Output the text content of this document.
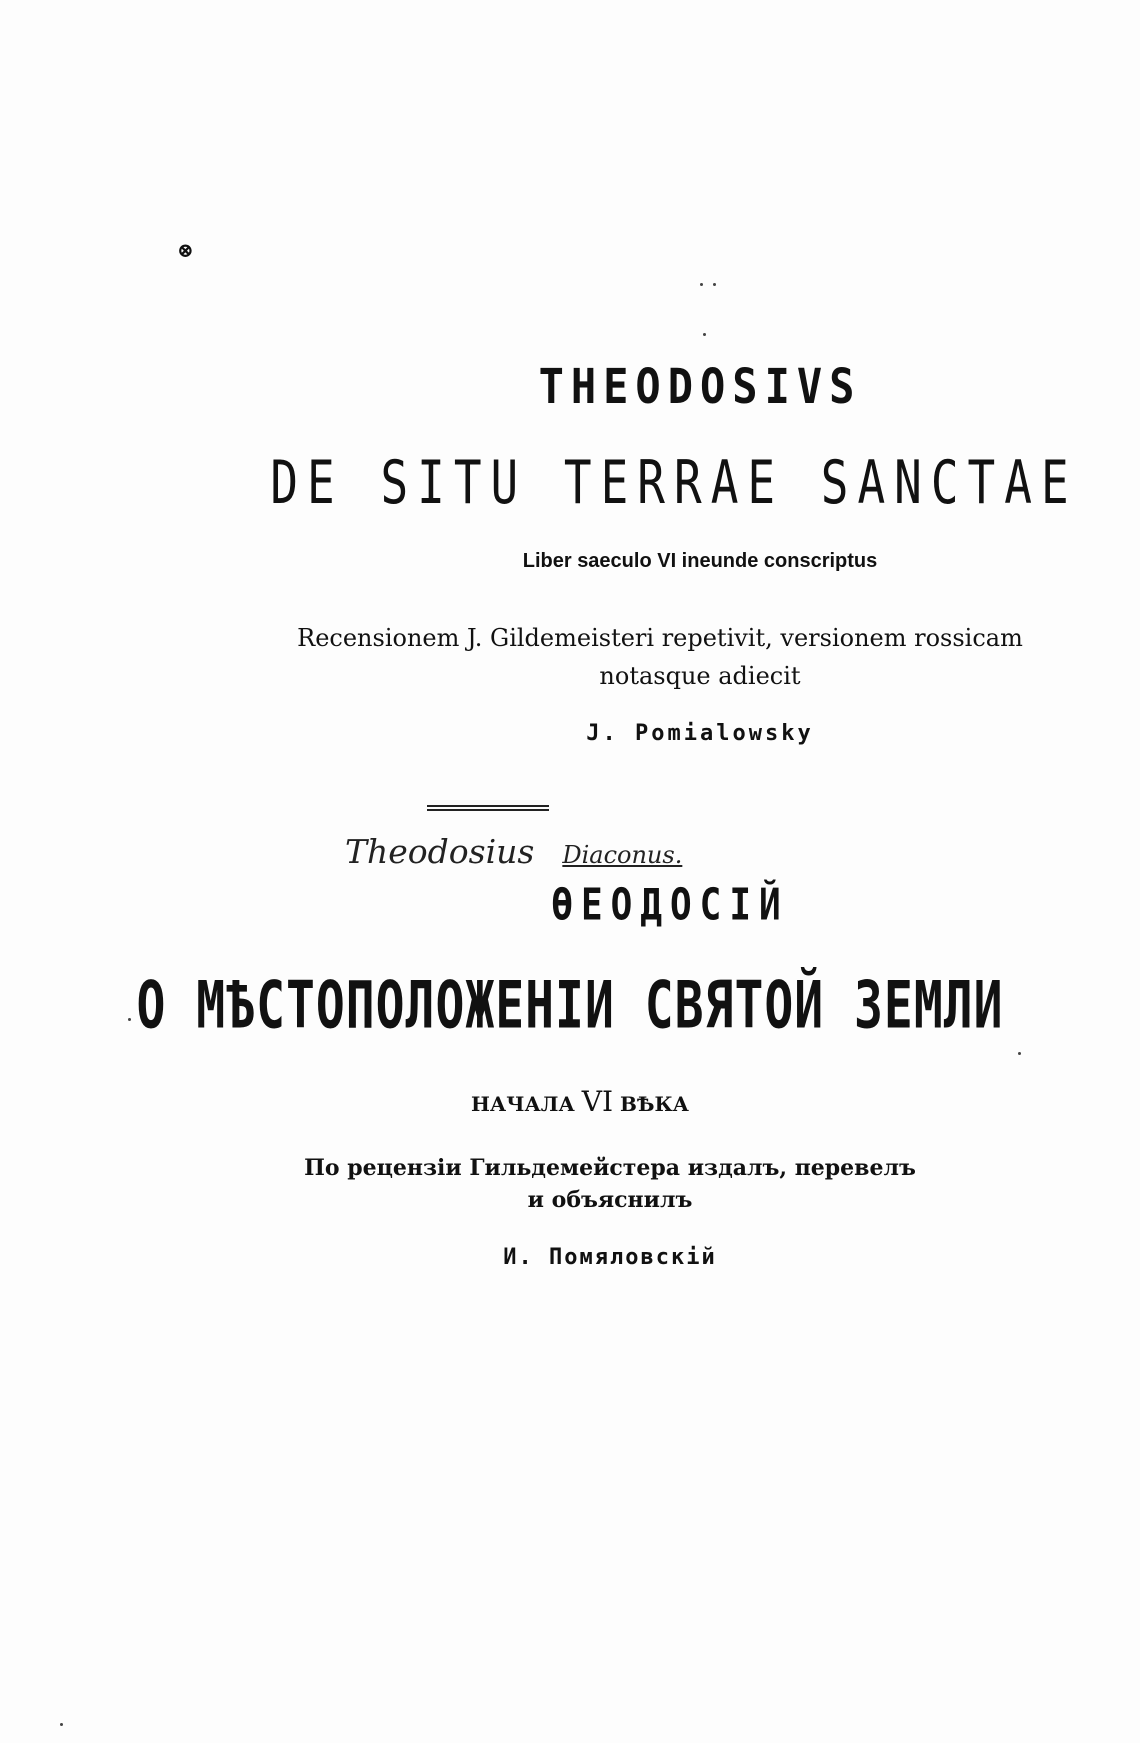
⊗
THEODOSIVS
DE SITU TERRAE SANCTAE
Liber saeculo VI ineunde conscriptus
Recensionem J. Gildemeisteri repetivit, versionem rossicam
notasque adiecit
J. Pomialowsky
Theodosius Diaconus.
ѲЕОДОСІЙ
О МѢСТОПОЛОЖЕНІИ СВЯТОЙ ЗЕМЛИ
НАЧАЛА VI ВѢКА
По рецензіи Гильдемейстера издалъ, перевелъ
и объяснилъ
И. Помяловскій
